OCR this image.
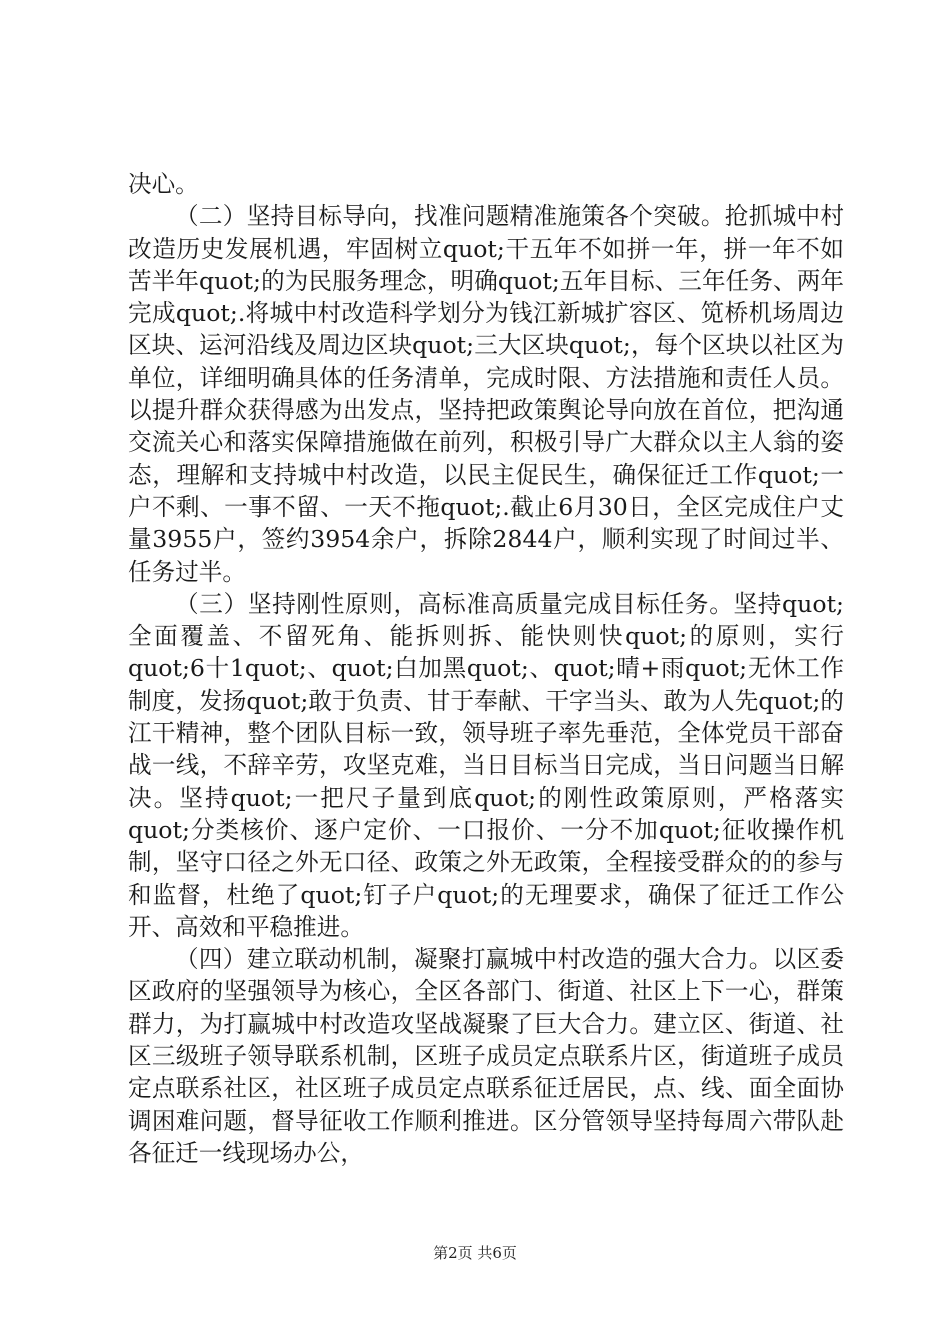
决心。

（二）坚持目标导向，找准问题精准施策各个突破。抢抓城中村改造历史发展机遇，牢固树立quot;干五年不如拼一年，拼一年不如苦半年quot;的为民服务理念，明确quot;五年目标、三年任务、两年完成quot;.将城中村改造科学划分为钱江新城扩容区、笕桥机场周边区块、运河沿线及周边区块quot;三大区块quot;，每个区块以社区为单位，详细明确具体的任务清单，完成时限、方法措施和责任人员。以提升群众获得感为出发点，坚持把政策舆论导向放在首位，把沟通交流关心和落实保障措施做在前列，积极引导广大群众以主人翁的姿态，理解和支持城中村改造，以民主促民生，确保征迁工作quot;一户不剩、一事不留、一天不拖quot;.截止6月30日，全区完成住户丈量3955户，签约3954余户，拆除2844户，顺利实现了时间过半、任务过半。

（三）坚持刚性原则，高标准高质量完成目标任务。坚持quot;全面覆盖、不留死角、能拆则拆、能快则快quot;的原则，实行quot;6十1quot;、quot;白加黑quot;、quot;晴+雨quot;无休工作制度，发扬quot;敢于负责、甘于奉献、干字当头、敢为人先quot;的江干精神，整个团队目标一致，领导班子率先垂范，全体党员干部奋战一线，不辞辛劳，攻坚克难，当日目标当日完成，当日问题当日解决。坚持quot;一把尺子量到底quot;的刚性政策原则，严格落实quot;分类核价、逐户定价、一口报价、一分不加quot;征收操作机制，坚守口径之外无口径、政策之外无政策，全程接受群众的的参与和监督，杜绝了quot;钉子户quot;的无理要求，确保了征迁工作公开、高效和平稳推进。

（四）建立联动机制，凝聚打赢城中村改造的强大合力。以区委区政府的坚强领导为核心，全区各部门、街道、社区上下一心，群策群力，为打赢城中村改造攻坚战凝聚了巨大合力。建立区、街道、社区三级班子领导联系机制，区班子成员定点联系片区，街道班子成员定点联系社区，社区班子成员定点联系征迁居民，点、线、面全面协调困难问题，督导征收工作顺利推进。区分管领导坚持每周六带队赴各征迁一线现场办公，

第2页 共6页
